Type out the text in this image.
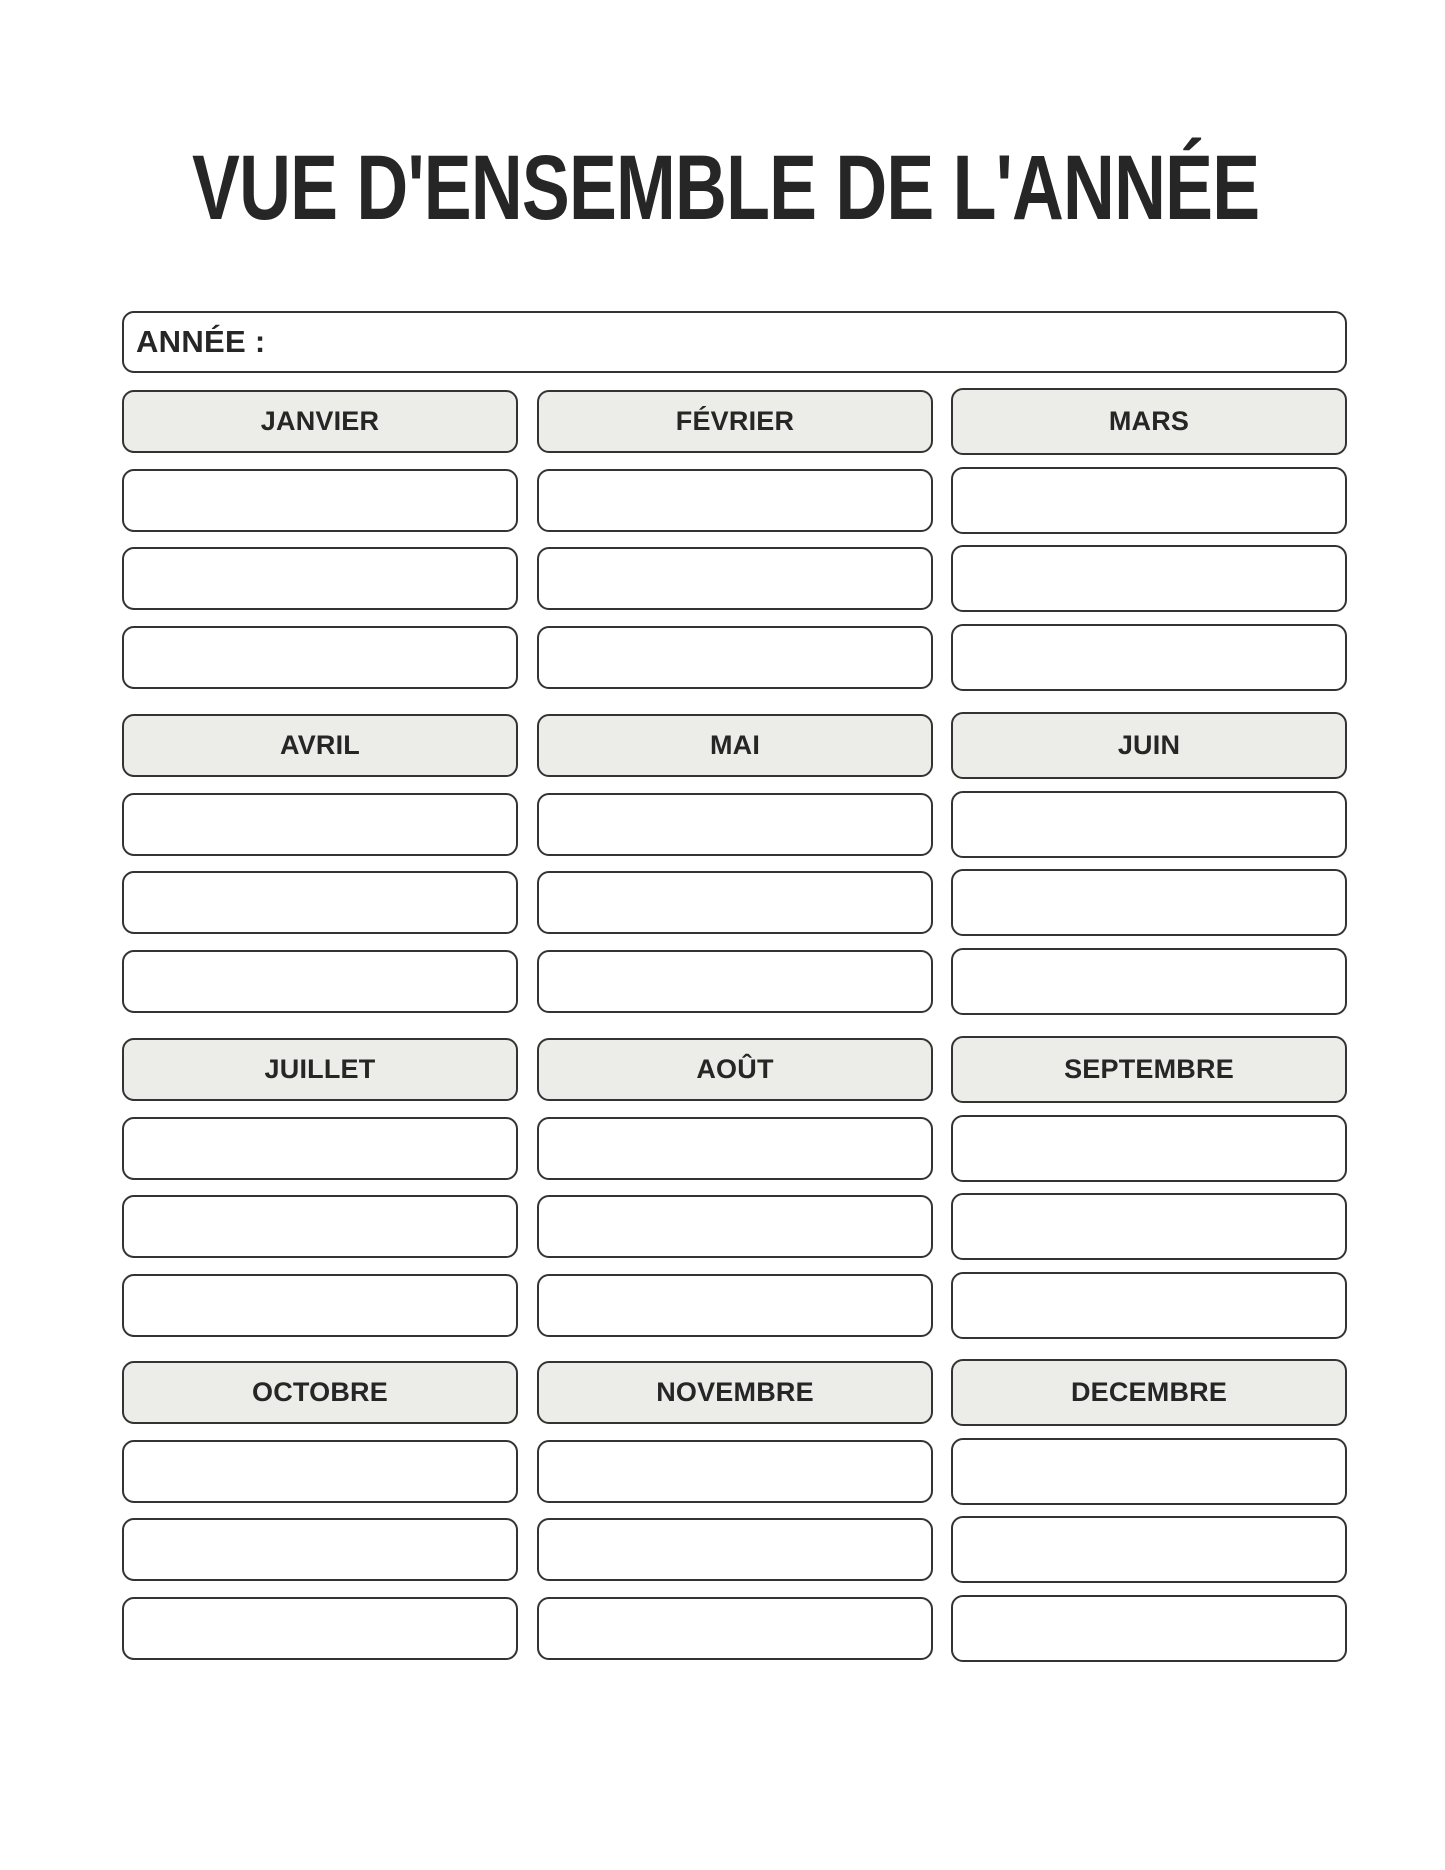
VUE D'ENSEMBLE DE L'ANNÉE
ANNÉE :
JANVIER	FÉVRIER	MARS
AVRIL	MAI	JUIN
JUILLET	AOÛT	SEPTEMBRE
OCTOBRE	NOVEMBRE	DECEMBRE
